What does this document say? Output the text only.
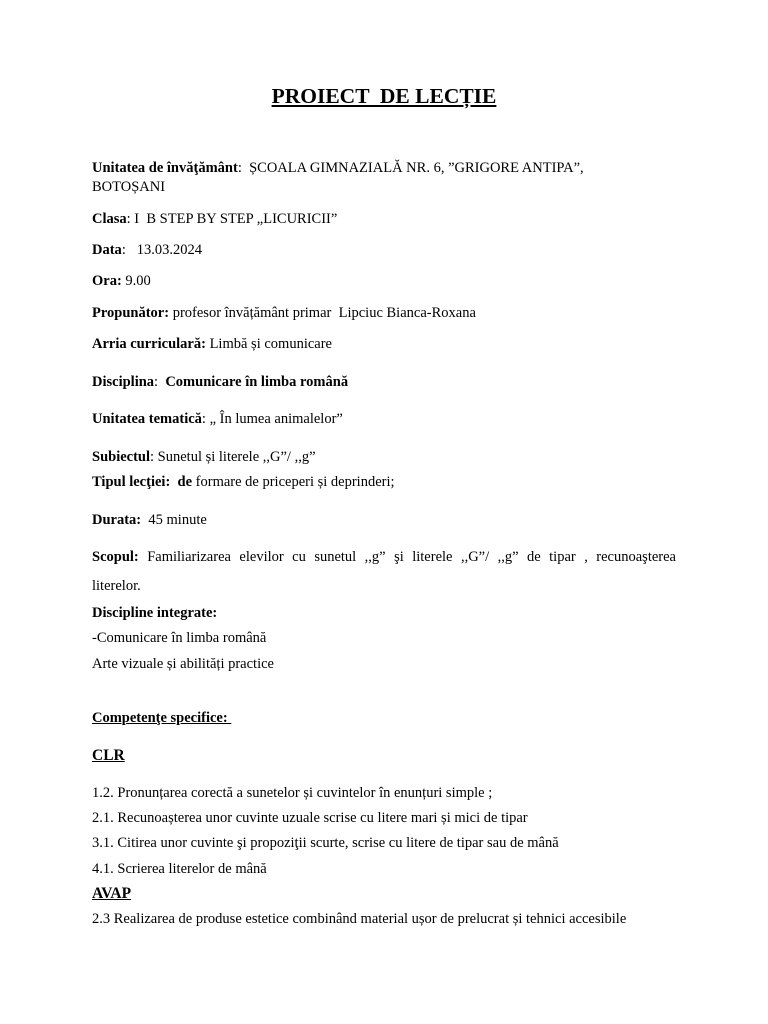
PROIECT  DE LECȚIE
Unitatea de învăţământ:  ȘCOALA GIMNAZIALĂ NR. 6, ”GRIGORE ANTIPA”,
BOTOȘANI
Clasa: I  B STEP BY STEP „LICURICII”
Data:   13.03.2024
Ora: 9.00
Propunător: profesor învățământ primar  Lipciuc Bianca-Roxana
Arria curriculară: Limbă și comunicare
Disciplina:  Comunicare în limba română
Unitatea tematică: „ În lumea animalelor”
Subiectul: Sunetul și literele ,,G”/ ,,g”
Tipul lecţiei:  de formare de priceperi și deprinderi;
Durata:  45 minute
Scopul: Familiarizarea elevilor cu sunetul ,,g” şi literele ,,G”/ ,,g” de tipar , recunoaşterea
literelor.
Discipline integrate:
-Comunicare în limba română
Arte vizuale și abilități practice
Competenţe specifice:
CLR
1.2. Pronunțarea corectă a sunetelor și cuvintelor în enunțuri simple ;
2.1. Recunoașterea unor cuvinte uzuale scrise cu litere mari și mici de tipar
3.1. Citirea unor cuvinte şi propoziţii scurte, scrise cu litere de tipar sau de mână
4.1. Scrierea literelor de mână
AVAP
2.3 Realizarea de produse estetice combinând material ușor de prelucrat și tehnici accesibile
